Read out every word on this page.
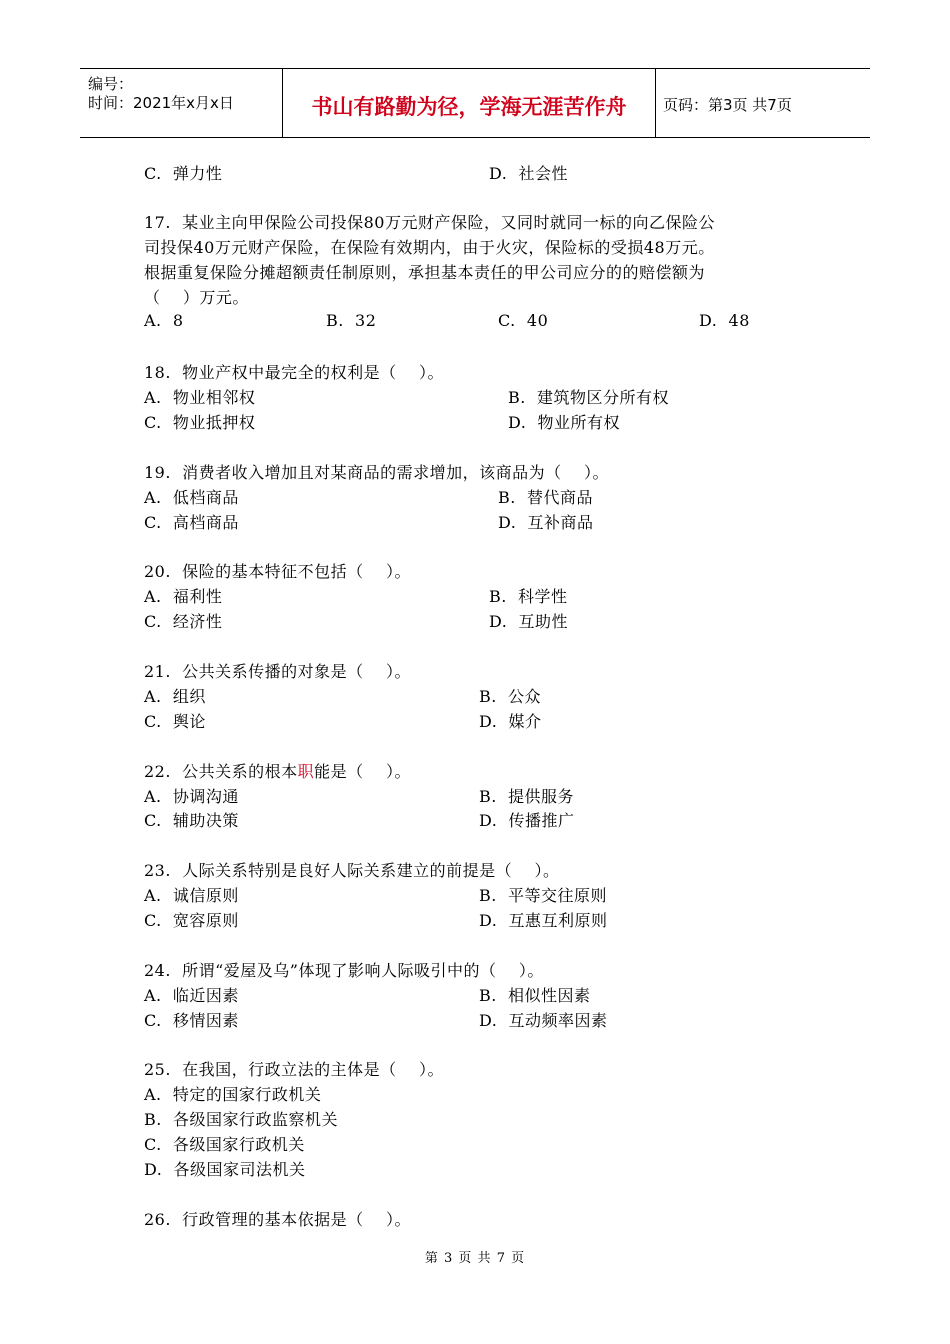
编号：
时间：2021年x月x日	书山有路勤为径，学海无涯苦作舟	页码：第3页 共7页
C.  弹力性	D.  社会性
17.  某业主向甲保险公司投保80万元财产保险，又同时就同一标的向乙保险公
司投保40万元财产保险，在保险有效期内，由于火灾，保险标的受损48万元。
根据重复保险分摊超额责任制原则，承担基本责任的甲公司应分的的赔偿额为
（    ）万元。
A.  8	B.  32	C.  40	D.  48
18.  物业产权中最完全的权利是（    ）。
A.  物业相邻权	B.  建筑物区分所有权
C.  物业抵押权	D.  物业所有权
19.  消费者收入增加且对某商品的需求增加，该商品为（    ）。
A.  低档商品	B.  替代商品
C.  高档商品	D.  互补商品
20.  保险的基本特征不包括（    ）。
A.  福利性	B.  科学性
C.  经济性	D.  互助性
21.  公共关系传播的对象是（    ）。
A.  组织	B.  公众
C.  舆论	D.  媒介
22.  公共关系的根本职能是（    ）。
A.  协调沟通	B.  提供服务
C.  辅助决策	D.  传播推广
23.  人际关系特别是良好人际关系建立的前提是（    ）。
A.  诚信原则	B.  平等交往原则
C.  宽容原则	D.  互惠互利原则
24.  所谓“爱屋及乌”体现了影响人际吸引中的（    ）。
A.  临近因素	B.  相似性因素
C.  移情因素	D.  互动频率因素
25.  在我国，行政立法的主体是（    ）。
A.  特定的国家行政机关
B.  各级国家行政监察机关
C.  各级国家行政机关
D.  各级国家司法机关
26.  行政管理的基本依据是（    ）。
第 3 页 共 7 页
